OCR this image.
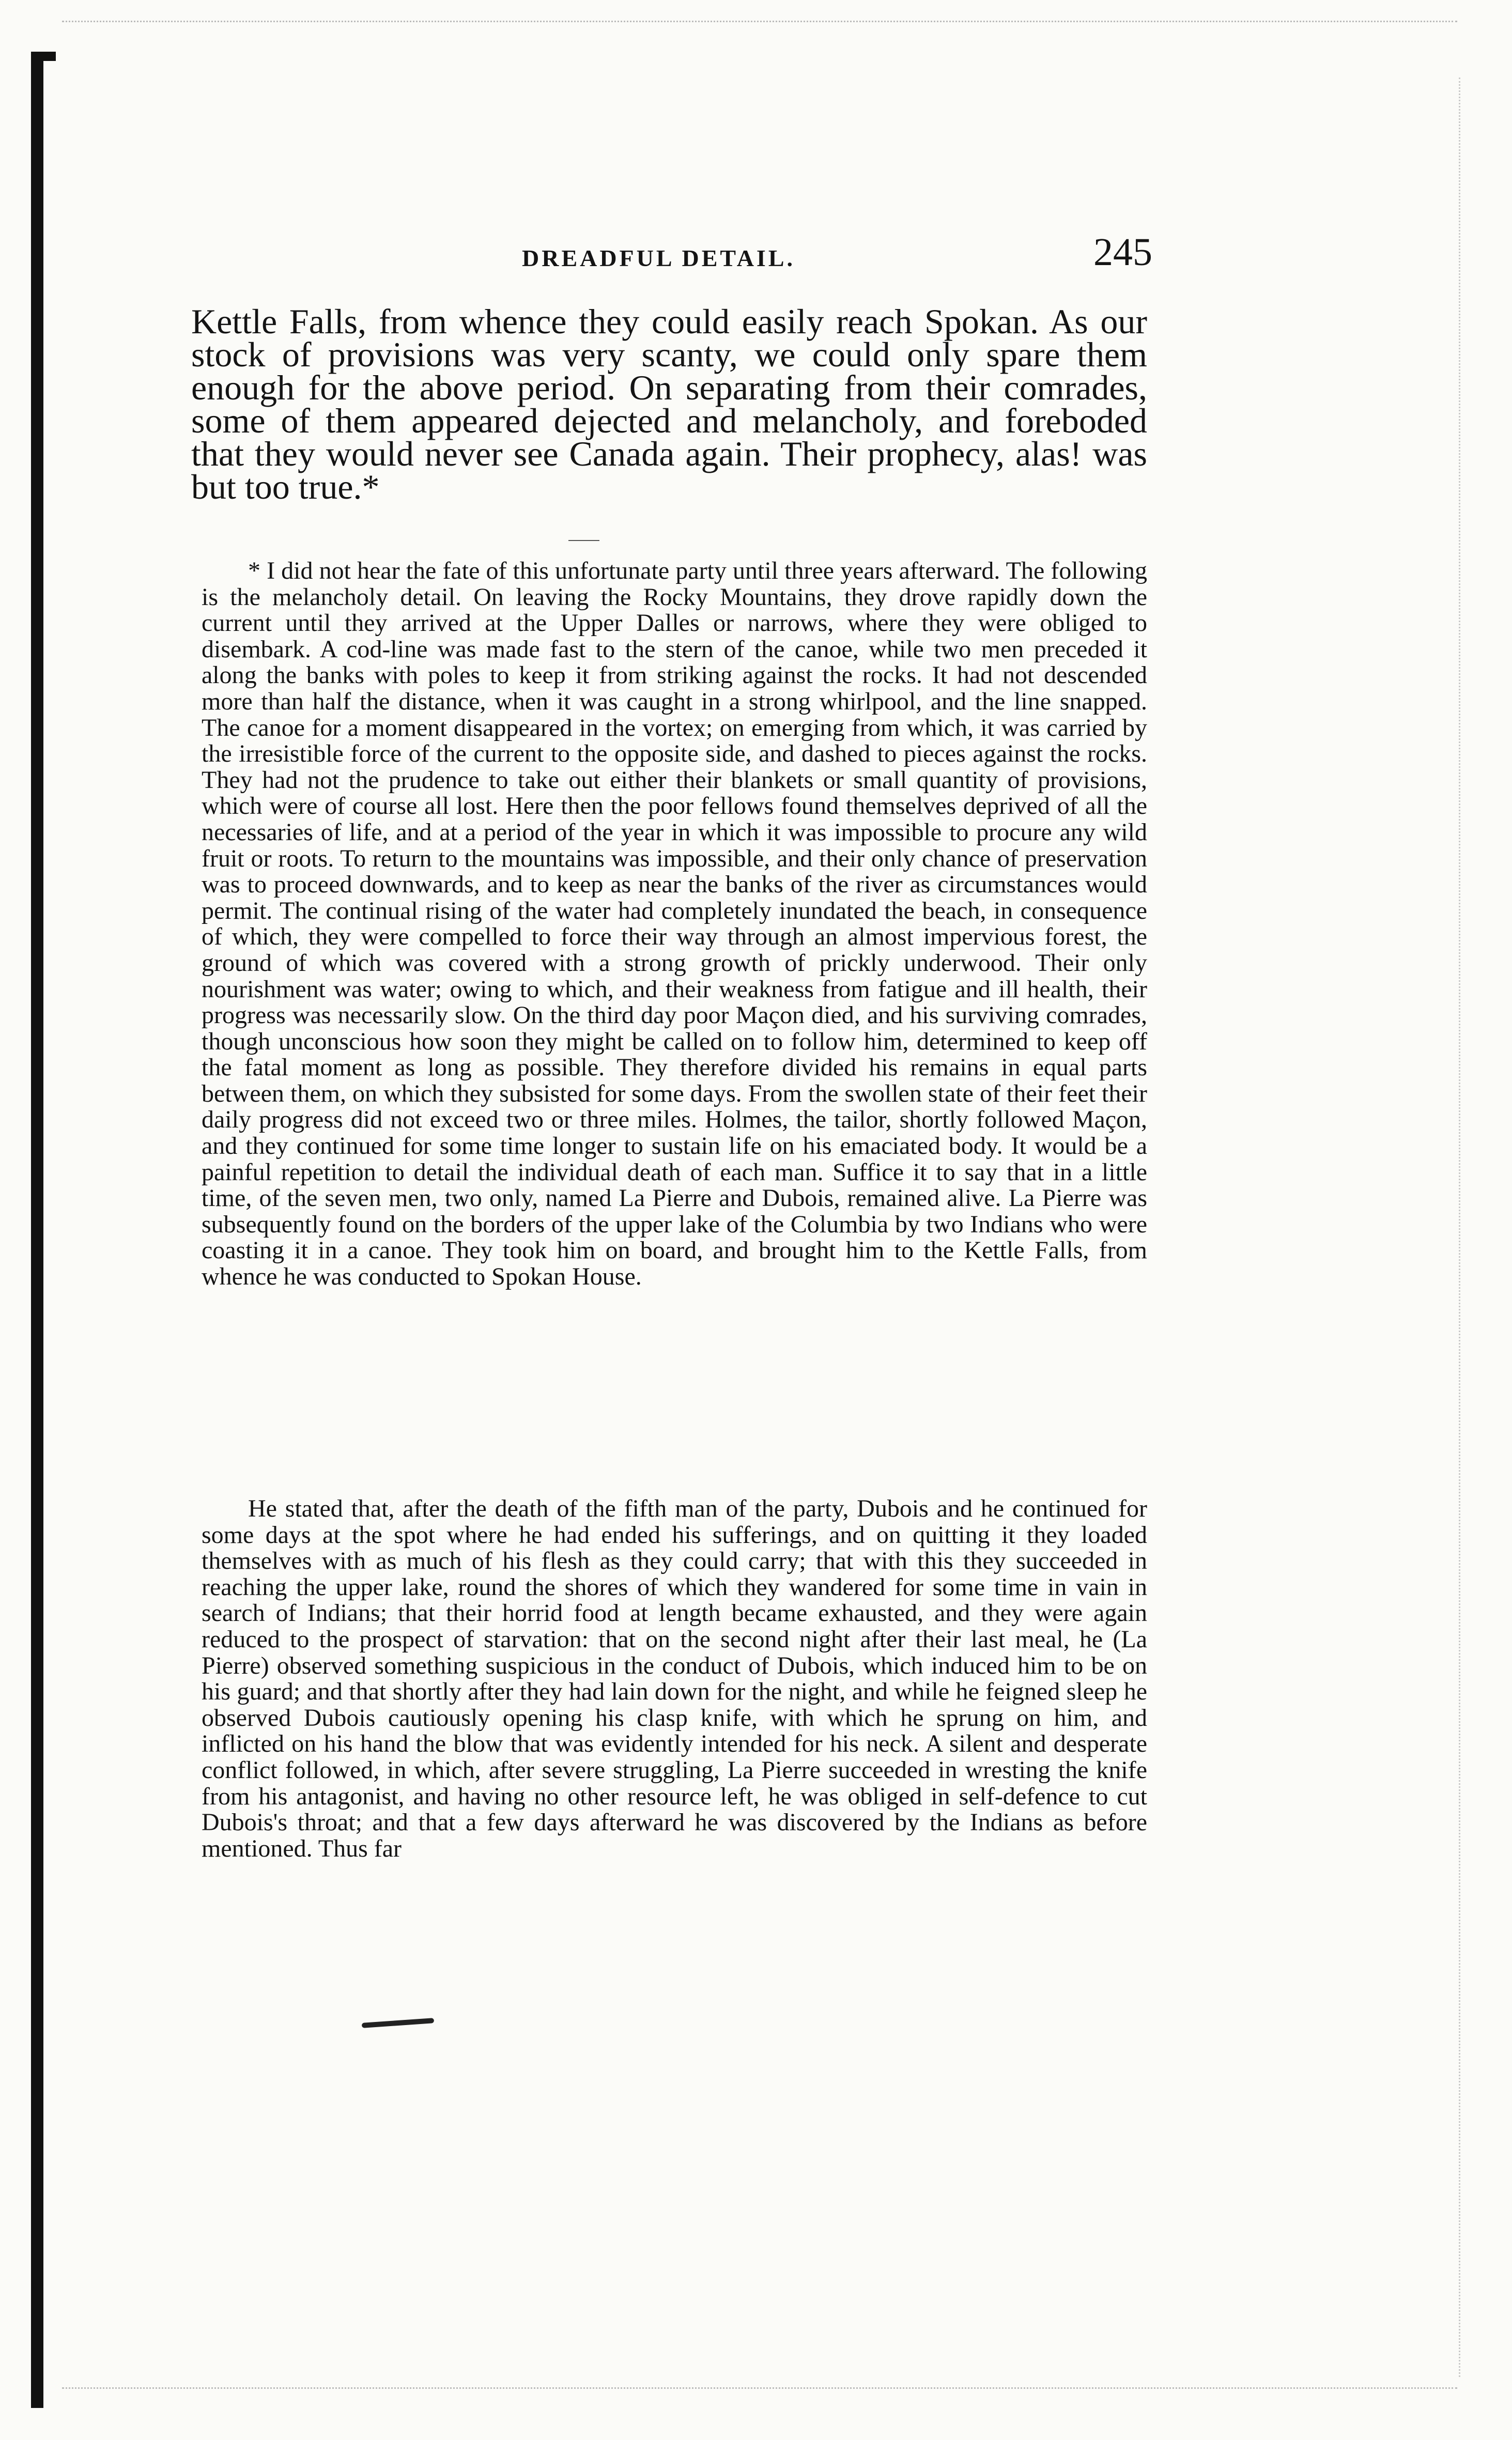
DREADFUL DETAIL.	245

Kettle Falls, from whence they could easily reach Spokan. As our stock of provisions was very scanty, we could only spare them enough for the above period. On separating from their comrades, some of them appeared dejected and melancholy, and foreboded that they would never see Canada again. Their prophecy, alas! was but too true.*

* I did not hear the fate of this unfortunate party until three years afterward. The following is the melancholy detail. On leaving the Rocky Mountains, they drove rapidly down the current until they arrived at the Upper Dalles or narrows, where they were obliged to disembark. A cod-line was made fast to the stern of the canoe, while two men preceded it along the banks with poles to keep it from striking against the rocks. It had not descended more than half the distance, when it was caught in a strong whirlpool, and the line snapped. The canoe for a moment disappeared in the vortex; on emerging from which, it was carried by the irresistible force of the current to the opposite side, and dashed to pieces against the rocks. They had not the prudence to take out either their blankets or small quantity of provisions, which were of course all lost. Here then the poor fellows found themselves deprived of all the necessaries of life, and at a period of the year in which it was impossible to procure any wild fruit or roots. To return to the mountains was impossible, and their only chance of preservation was to proceed downwards, and to keep as near the banks of the river as circumstances would permit. The continual rising of the water had completely inundated the beach, in consequence of which, they were compelled to force their way through an almost impervious forest, the ground of which was covered with a strong growth of prickly underwood. Their only nourishment was water; owing to which, and their weakness from fatigue and ill health, their progress was necessarily slow. On the third day poor Maçon died, and his surviving comrades, though unconscious how soon they might be called on to follow him, determined to keep off the fatal moment as long as possible. They therefore divided his remains in equal parts between them, on which they subsisted for some days. From the swollen state of their feet their daily progress did not exceed two or three miles. Holmes, the tailor, shortly followed Maçon, and they continued for some time longer to sustain life on his emaciated body. It would be a painful repetition to detail the individual death of each man. Suffice it to say that in a little time, of the seven men, two only, named La Pierre and Dubois, remained alive. La Pierre was subsequently found on the borders of the upper lake of the Columbia by two Indians who were coasting it in a canoe. They took him on board, and brought him to the Kettle Falls, from whence he was conducted to Spokan House.

He stated that, after the death of the fifth man of the party, Dubois and he continued for some days at the spot where he had ended his sufferings, and on quitting it they loaded themselves with as much of his flesh as they could carry; that with this they succeeded in reaching the upper lake, round the shores of which they wandered for some time in vain in search of Indians; that their horrid food at length became exhausted, and they were again reduced to the prospect of starvation: that on the second night after their last meal, he (La Pierre) observed something suspicious in the conduct of Dubois, which induced him to be on his guard; and that shortly after they had lain down for the night, and while he feigned sleep he observed Dubois cautiously opening his clasp knife, with which he sprung on him, and inflicted on his hand the blow that was evidently intended for his neck. A silent and desperate conflict followed, in which, after severe struggling, La Pierre succeeded in wresting the knife from his antagonist, and having no other resource left, he was obliged in self-defence to cut Dubois's throat; and that a few days afterward he was discovered by the Indians as before mentioned. Thus far
